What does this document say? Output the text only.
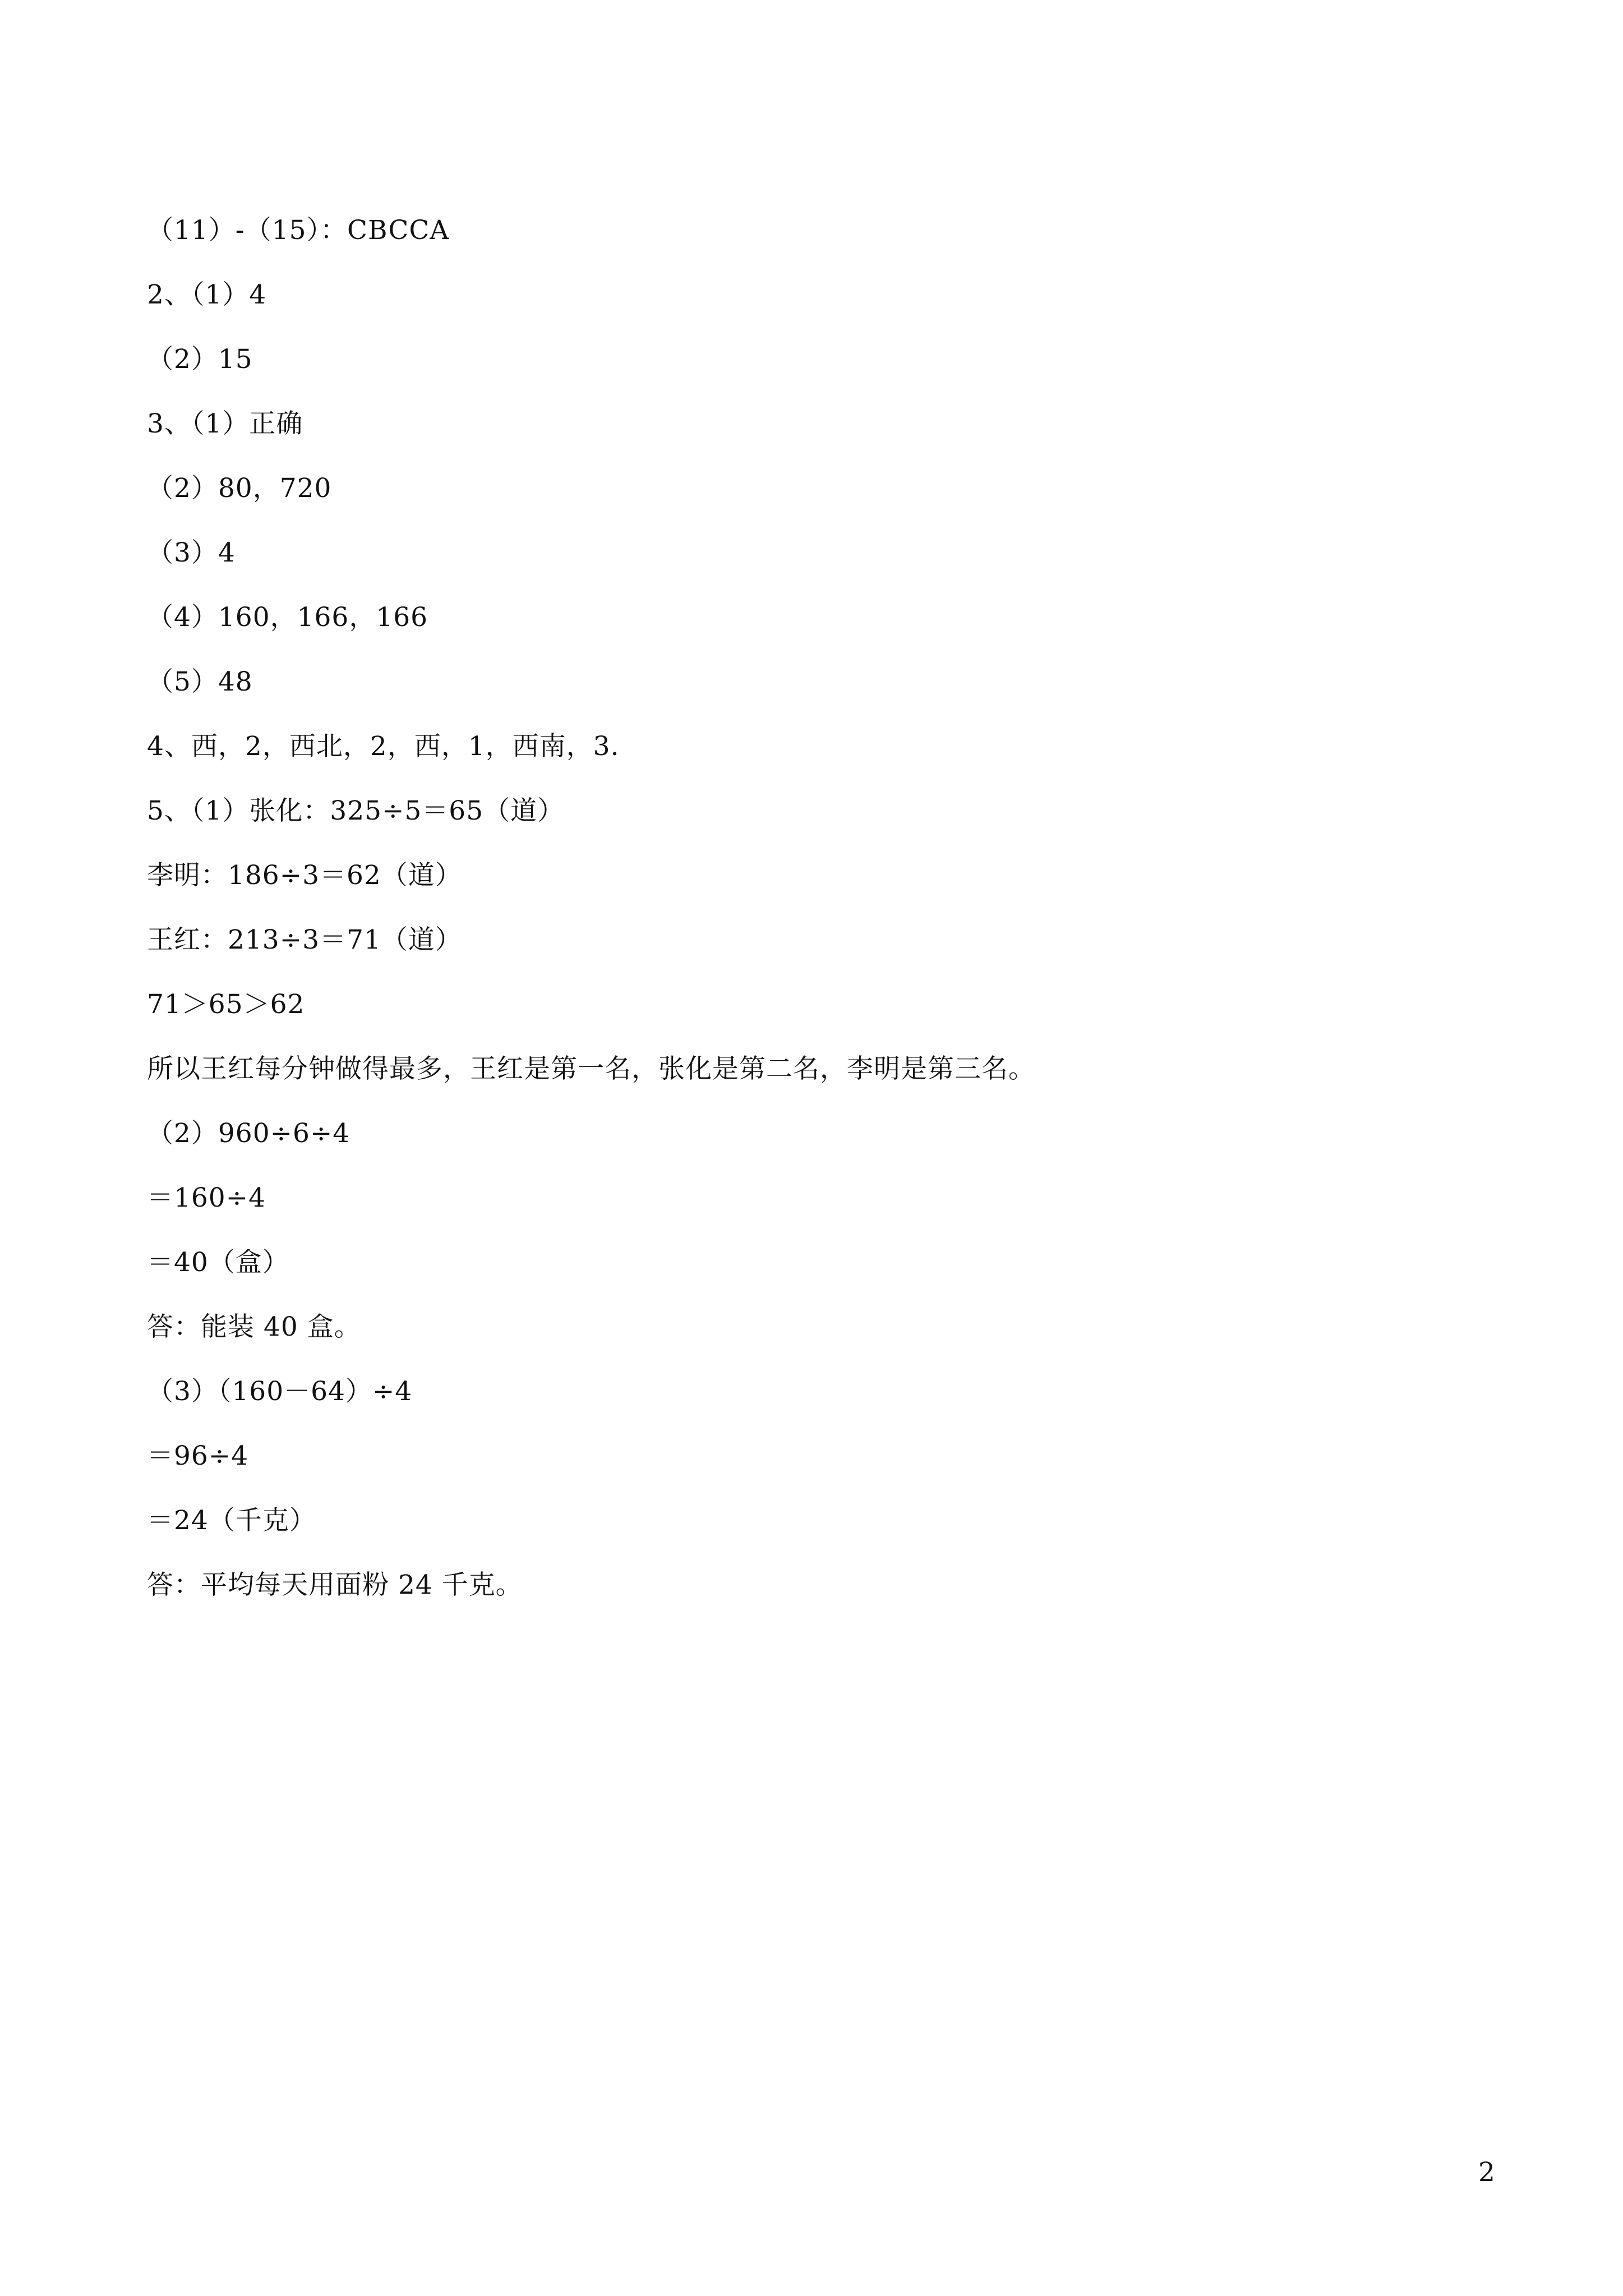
（11）-（15）：CBCCA
2、（1）4
（2）15
3、（1）正确
（2）80，720
（3）4
（4）160，166，166
（5）48
4、西，2，西北，2，西，1，西南，3.
5、（1）张化：325÷5＝65（道）
李明：186÷3＝62（道）
王红：213÷3＝71（道）
71＞65＞62
所以王红每分钟做得最多，王红是第一名，张化是第二名，李明是第三名。
（2）960÷6÷4
＝160÷4
＝40（盒）
答：能装 40 盒。
（3）（160－64）÷4
＝96÷4
＝24（千克）
答：平均每天用面粉 24 千克。
2
